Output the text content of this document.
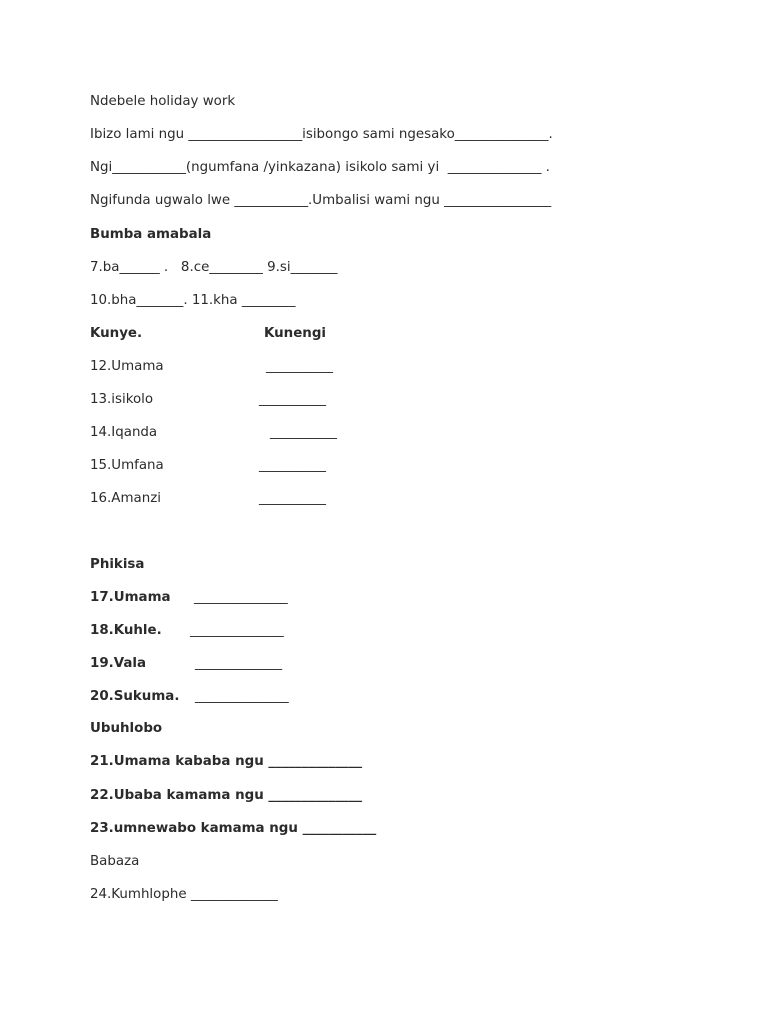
Ndebele holiday work
Ibizo lami ngu _________________isibongo sami ngesako______________.
Ngi___________(ngumfana /yinkazana) isikolo sami yi  ______________ .
Ngifunda ugwalo lwe ___________.Umbalisi wami ngu ________________
Bumba amabala
7.ba______ .   8.ce________ 9.si_______
10.bha_______. 11.kha ________
Kunye.	Kunengi
12.Umama	__________
13.isikolo	__________
14.Iqanda	__________
15.Umfana	__________
16.Amanzi	__________
Phikisa
17.Umama ______________
18.Kuhle. ______________
19.Vala	_____________
20.Sukuma. ______________
Ubuhlobo
21.Umama kababa ngu ______________
22.Ubaba kamama ngu ______________
23.umnewabo kamama ngu ___________
Babaza
24.Kumhlophe _____________
